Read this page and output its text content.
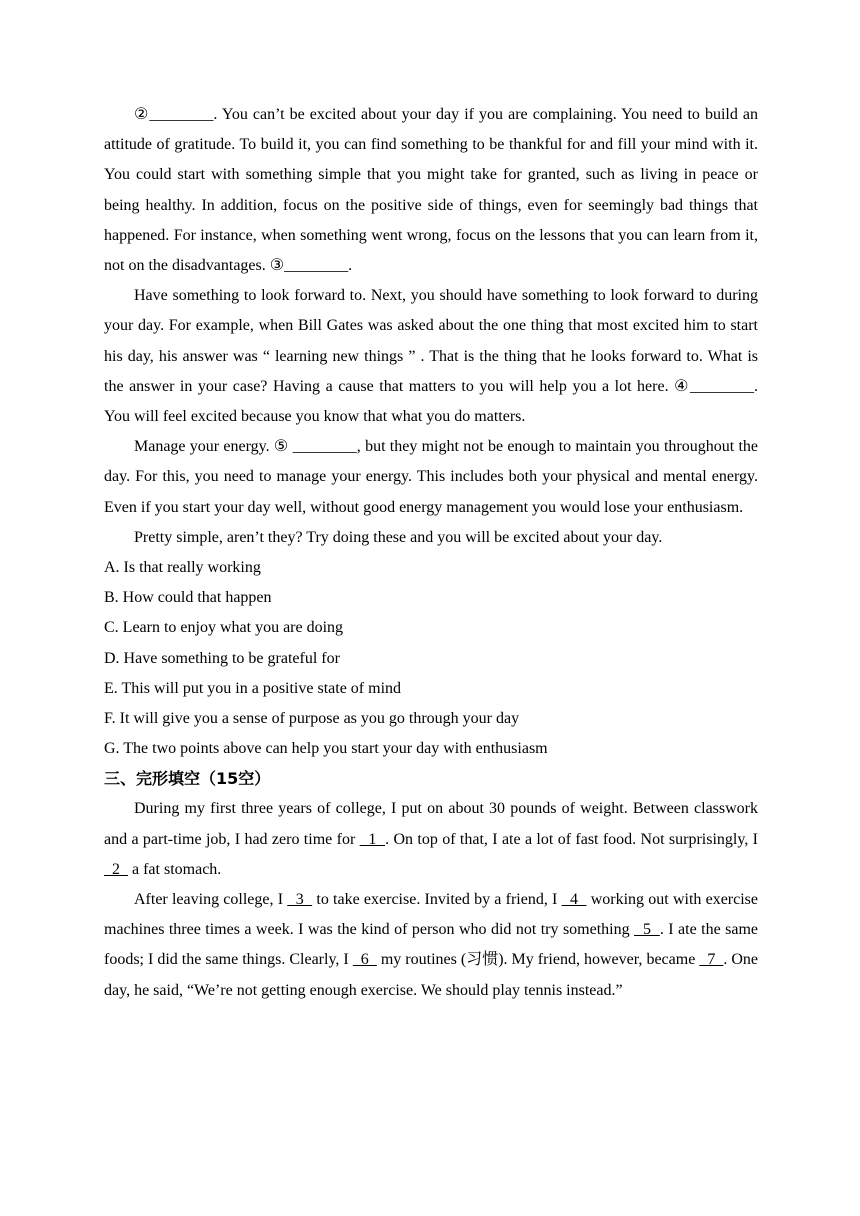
②________. You can’t be excited about your day if you are complaining. You need to build an attitude of gratitude. To build it, you can find something to be thankful for and fill your mind with it. You could start with something simple that you might take for granted, such as living in peace or being healthy. In addition, focus on the positive side of things, even for seemingly bad things that happened. For instance, when something went wrong, focus on the lessons that you can learn from it, not on the disadvantages. ③________.

Have something to look forward to. Next, you should have something to look forward to during your day. For example, when Bill Gates was asked about the one thing that most excited him to start his day, his answer was “ learning new things ” . That is the thing that he looks forward to. What is the answer in your case? Having a cause that matters to you will help you a lot here. ④________. You will feel excited because you know that what you do matters.

Manage your energy. ⑤ ________, but they might not be enough to maintain you throughout the day. For this, you need to manage your energy. This includes both your physical and mental energy. Even if you start your day well, without good energy management you would lose your enthusiasm.

Pretty simple, aren’t they? Try doing these and you will be excited about your day.

A. Is that really working

B. How could that happen

C. Learn to enjoy what you are doing

D. Have something to be grateful for

E. This will put you in a positive state of mind

F. It will give you a sense of purpose as you go through your day

G. The two points above can help you start your day with enthusiasm

三、完形填空（15空）

During my first three years of college, I put on about 30 pounds of weight. Between classwork and a part-time job, I had zero time for   1  . On top of that, I ate a lot of fast food. Not surprisingly, I   2   a fat stomach.

After leaving college, I   3   to take exercise. Invited by a friend, I   4   working out with exercise machines three times a week. I was the kind of person who did not try something   5  . I ate the same foods; I did the same things. Clearly, I   6   my routines (习惯). My friend, however, became   7  . One day, he said, “We’re not getting enough exercise. We should play tennis instead.”
